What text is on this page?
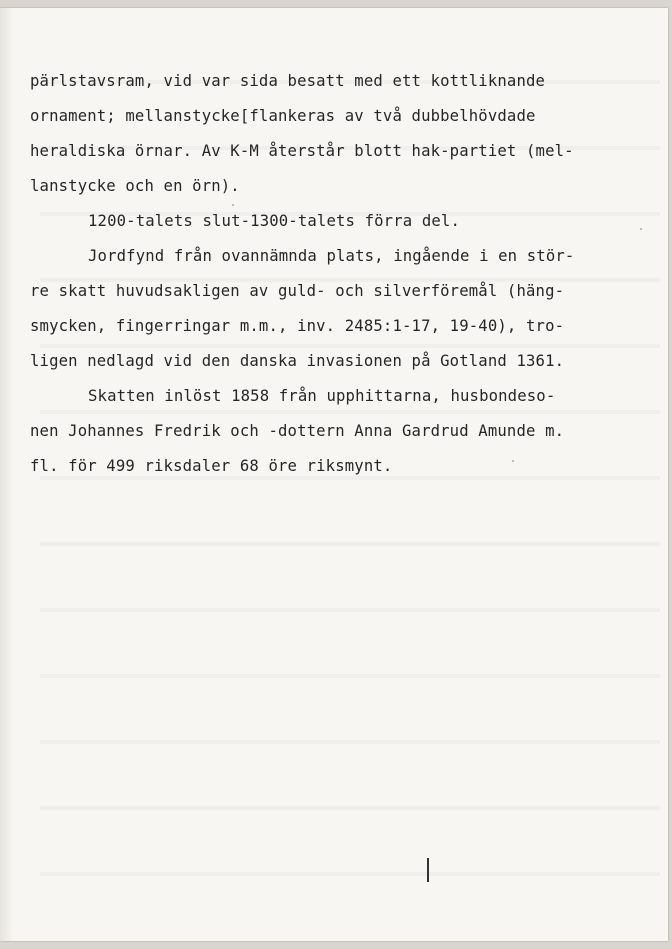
pärlstavsram, vid var sida besatt med ett kottliknande
ornament; mellanstycke[flankeras av två dubbelhövdade
heraldiska örnar. Av K-M återstår blott hak-partiet (mel-
lanstycke och en örn).
1200-talets slut-1300-talets förra del.
Jordfynd från ovannämnda plats, ingående i en stör-
re skatt huvudsakligen av guld- och silverföremål (häng-
smycken, fingerringar m.m., inv. 2485:1-17, 19-40), tro-
ligen nedlagd vid den danska invasionen på Gotland 1361.
Skatten inlöst 1858 från upphittarna, husbondeso-
nen Johannes Fredrik och -dottern Anna Gardrud Amunde m.
fl. för 499 riksdaler 68 öre riksmynt.
